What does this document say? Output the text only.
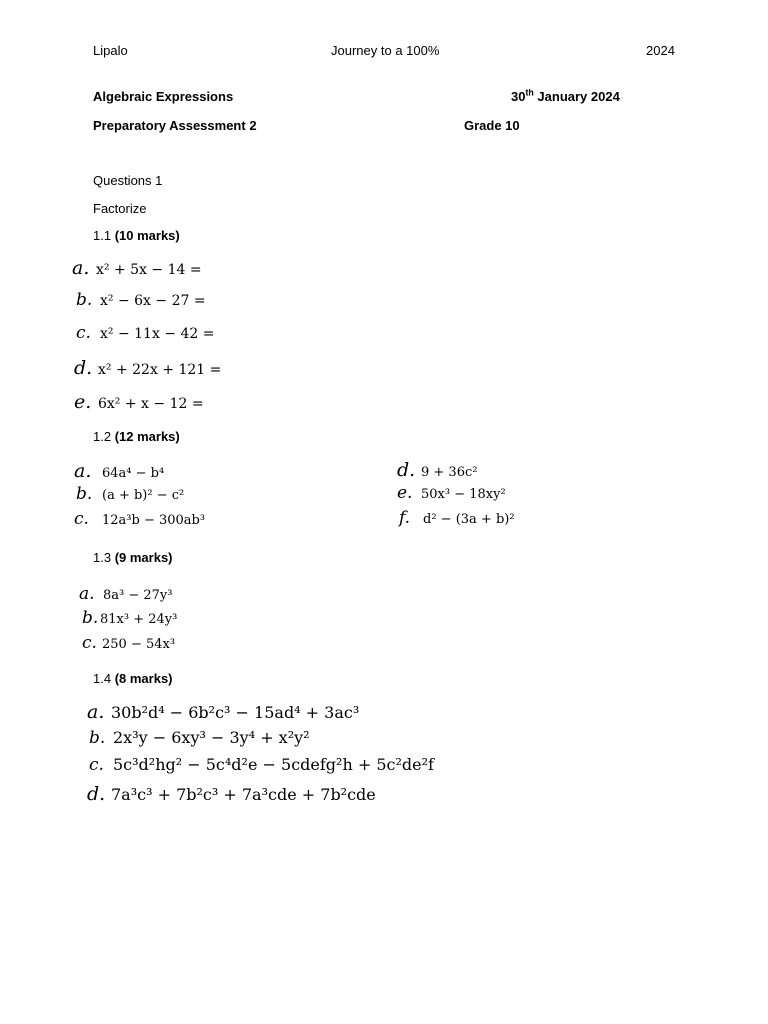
Lipalo	Journey to a 100%	2024
Algebraic Expressions	30th January 2024
Preparatory Assessment 2	Grade 10
Questions 1
Factorize
1.1 (10 marks)
a. x² + 5x − 14 =
b. x² − 6x − 27 =
c. x² − 11x − 42 =
d. x² + 22x + 121 =
e. 6x² + x − 12 =
1.2 (12 marks)
a. 64a⁴ − b⁴
b. (a + b)² − c²
c.	12a³b − 300ab³
d. 9 + 36c²
e. 50x³ − 18xy²
f. d² − (3a + b)²
1.3 (9 marks)
a. 8a³ − 27y³
b. 81x³ + 24y³
c. 250 − 54x³
1.4 (8 marks)
a. 30b²d⁴ − 6b²c³ − 15ad⁴ + 3ac³
b. 2x³y − 6xy³ − 3y⁴ + x²y²
c. 5c³d²hg² − 5c⁴d²e − 5cdefg²h + 5c²de²f
d. 7a³c³ + 7b²c³ + 7a³cde + 7b²cde
